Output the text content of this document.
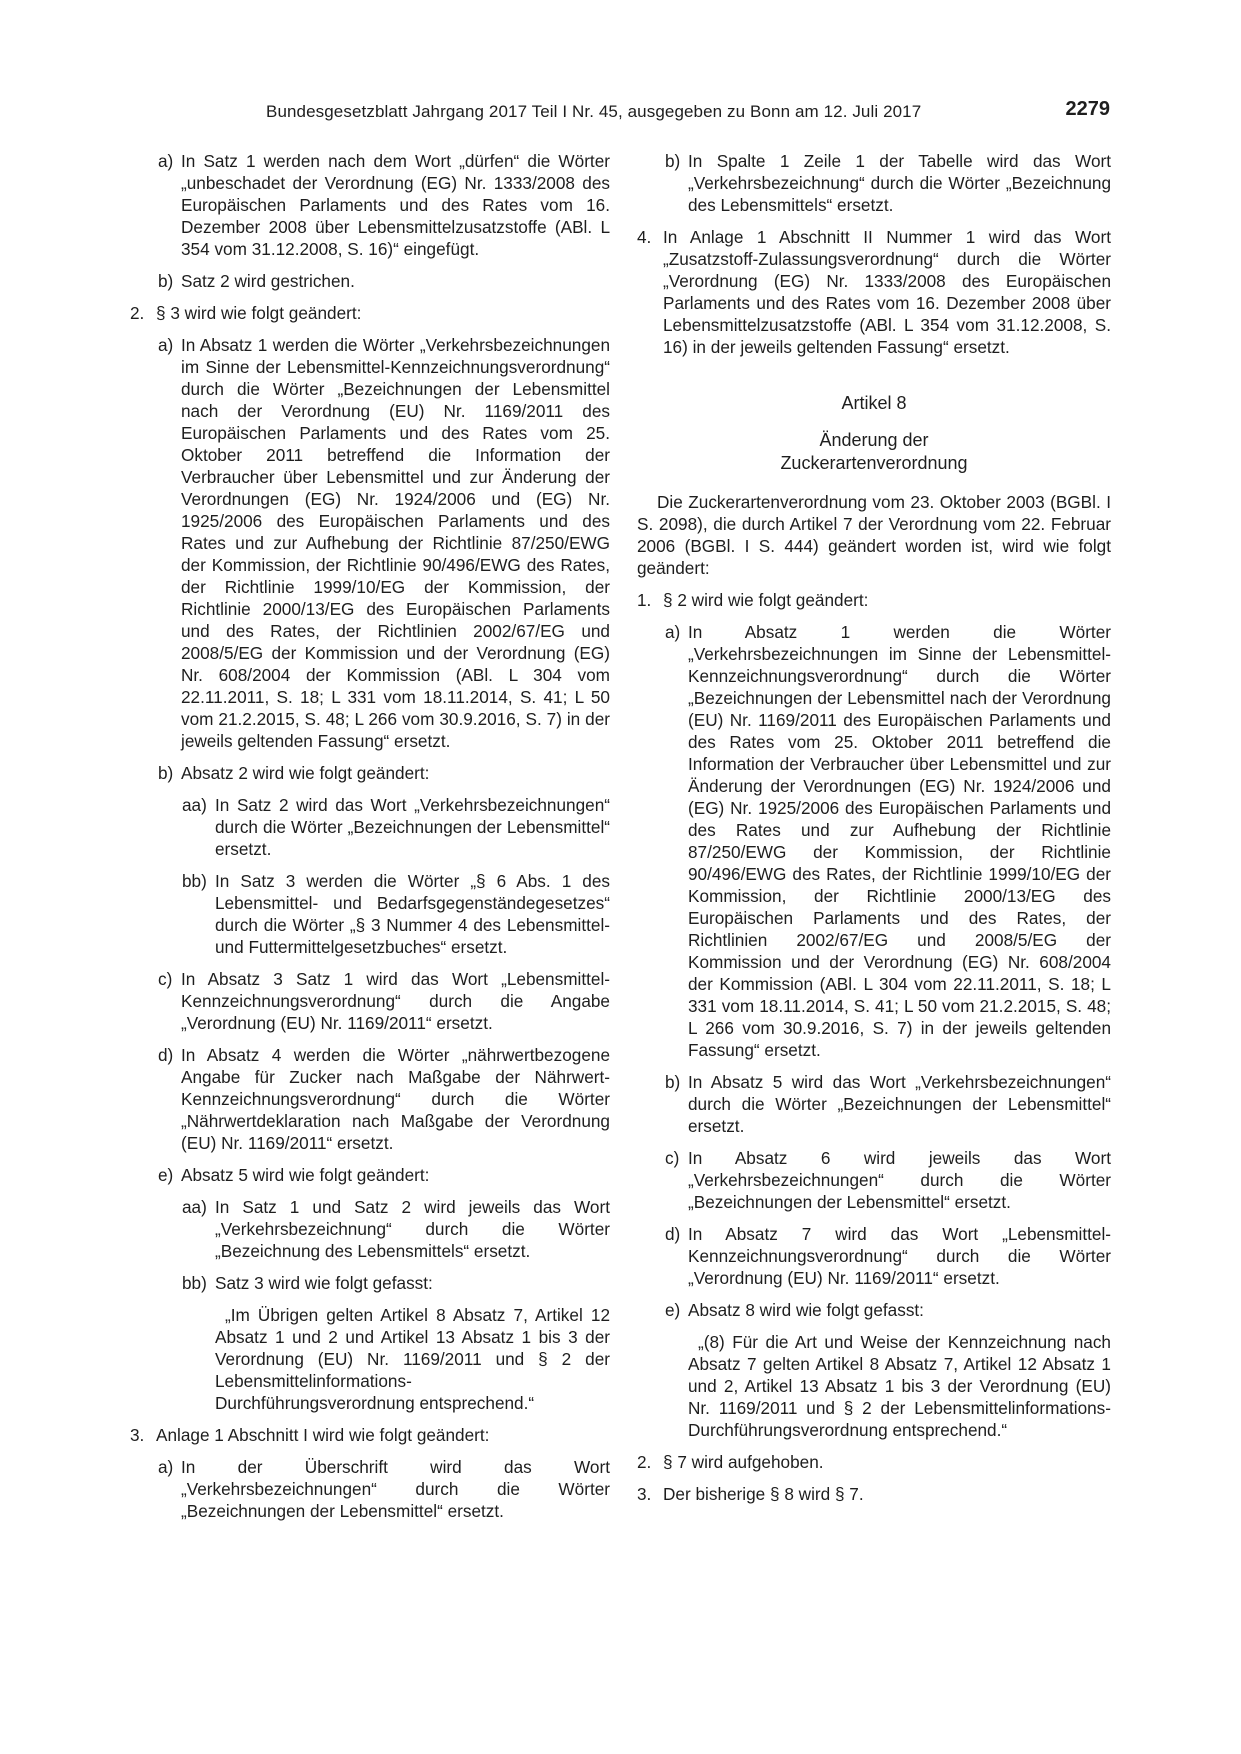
Bundesgesetzblatt Jahrgang 2017 Teil I Nr. 45, ausgegeben zu Bonn am 12. Juli 2017	2279
a) In Satz 1 werden nach dem Wort „dürfen“ die Wörter „unbeschadet der Verordnung (EG) Nr. 1333/2008 des Europäischen Parlaments und des Rates vom 16. Dezember 2008 über Lebensmittelzusatzstoffe (ABl. L 354 vom 31.12.2008, S. 16)“ eingefügt.
b) Satz 2 wird gestrichen.
2. § 3 wird wie folgt geändert:
a) In Absatz 1 werden die Wörter „Verkehrsbezeichnungen im Sinne der Lebensmittel-Kennzeichnungsverordnung“ durch die Wörter „Bezeichnungen der Lebensmittel nach der Verordnung (EU) Nr. 1169/2011 des Europäischen Parlaments und des Rates vom 25. Oktober 2011 betreffend die Information der Verbraucher über Lebensmittel und zur Änderung der Verordnungen (EG) Nr. 1924/2006 und (EG) Nr. 1925/2006 des Europäischen Parlaments und des Rates und zur Aufhebung der Richtlinie 87/250/EWG der Kommission, der Richtlinie 90/496/EWG des Rates, der Richtlinie 1999/10/EG der Kommission, der Richtlinie 2000/13/EG des Europäischen Parlaments und des Rates, der Richtlinien 2002/67/EG und 2008/5/EG der Kommission und der Verordnung (EG) Nr. 608/2004 der Kommission (ABl. L 304 vom 22.11.2011, S. 18; L 331 vom 18.11.2014, S. 41; L 50 vom 21.2.2015, S. 48; L 266 vom 30.9.2016, S. 7) in der jeweils geltenden Fassung“ ersetzt.
b) Absatz 2 wird wie folgt geändert:
aa) In Satz 2 wird das Wort „Verkehrsbezeichnungen“ durch die Wörter „Bezeichnungen der Lebensmittel“ ersetzt.
bb) In Satz 3 werden die Wörter „§ 6 Abs. 1 des Lebensmittel- und Bedarfsgegenständegesetzes“ durch die Wörter „§ 3 Nummer 4 des Lebensmittel- und Futtermittelgesetzbuches“ ersetzt.
c) In Absatz 3 Satz 1 wird das Wort „Lebensmittel-Kennzeichnungsverordnung“ durch die Angabe „Verordnung (EU) Nr. 1169/2011“ ersetzt.
d) In Absatz 4 werden die Wörter „nährwertbezogene Angabe für Zucker nach Maßgabe der Nährwert-Kennzeichnungsverordnung“ durch die Wörter „Nährwertdeklaration nach Maßgabe der Verordnung (EU) Nr. 1169/2011“ ersetzt.
e) Absatz 5 wird wie folgt geändert:
aa) In Satz 1 und Satz 2 wird jeweils das Wort „Verkehrsbezeichnung“ durch die Wörter „Bezeichnung des Lebensmittels“ ersetzt.
bb) Satz 3 wird wie folgt gefasst:
„Im Übrigen gelten Artikel 8 Absatz 7, Artikel 12 Absatz 1 und 2 und Artikel 13 Absatz 1 bis 3 der Verordnung (EU) Nr. 1169/2011 und § 2 der Lebensmittelinformations-Durchführungsverordnung entsprechend.“
3. Anlage 1 Abschnitt I wird wie folgt geändert:
a) In der Überschrift wird das Wort „Verkehrsbezeichnungen“ durch die Wörter „Bezeichnungen der Lebensmittel“ ersetzt.
b) In Spalte 1 Zeile 1 der Tabelle wird das Wort „Verkehrsbezeichnung“ durch die Wörter „Bezeichnung des Lebensmittels“ ersetzt.
4. In Anlage 1 Abschnitt II Nummer 1 wird das Wort „Zusatzstoff-Zulassungsverordnung“ durch die Wörter „Verordnung (EG) Nr. 1333/2008 des Europäischen Parlaments und des Rates vom 16. Dezember 2008 über Lebensmittelzusatzstoffe (ABl. L 354 vom 31.12.2008, S. 16) in der jeweils geltenden Fassung“ ersetzt.
Artikel 8
Änderung der
Zuckerartenverordnung
Die Zuckerartenverordnung vom 23. Oktober 2003 (BGBl. I S. 2098), die durch Artikel 7 der Verordnung vom 22. Februar 2006 (BGBl. I S. 444) geändert worden ist, wird wie folgt geändert:
1. § 2 wird wie folgt geändert:
a) In Absatz 1 werden die Wörter „Verkehrsbezeichnungen im Sinne der Lebensmittel-Kennzeichnungsverordnung“ durch die Wörter „Bezeichnungen der Lebensmittel nach der Verordnung (EU) Nr. 1169/2011 des Europäischen Parlaments und des Rates vom 25. Oktober 2011 betreffend die Information der Verbraucher über Lebensmittel und zur Änderung der Verordnungen (EG) Nr. 1924/2006 und (EG) Nr. 1925/2006 des Europäischen Parlaments und des Rates und zur Aufhebung der Richtlinie 87/250/EWG der Kommission, der Richtlinie 90/496/EWG des Rates, der Richtlinie 1999/10/EG der Kommission, der Richtlinie 2000/13/EG des Europäischen Parlaments und des Rates, der Richtlinien 2002/67/EG und 2008/5/EG der Kommission und der Verordnung (EG) Nr. 608/2004 der Kommission (ABl. L 304 vom 22.11.2011, S. 18; L 331 vom 18.11.2014, S. 41; L 50 vom 21.2.2015, S. 48; L 266 vom 30.9.2016, S. 7) in der jeweils geltenden Fassung“ ersetzt.
b) In Absatz 5 wird das Wort „Verkehrsbezeichnungen“ durch die Wörter „Bezeichnungen der Lebensmittel“ ersetzt.
c) In Absatz 6 wird jeweils das Wort „Verkehrsbezeichnungen“ durch die Wörter „Bezeichnungen der Lebensmittel“ ersetzt.
d) In Absatz 7 wird das Wort „Lebensmittel-Kennzeichnungsverordnung“ durch die Wörter „Verordnung (EU) Nr. 1169/2011“ ersetzt.
e) Absatz 8 wird wie folgt gefasst:
„(8) Für die Art und Weise der Kennzeichnung nach Absatz 7 gelten Artikel 8 Absatz 7, Artikel 12 Absatz 1 und 2, Artikel 13 Absatz 1 bis 3 der Verordnung (EU) Nr. 1169/2011 und § 2 der Lebensmittelinformations-Durchführungsverordnung entsprechend.“
2. § 7 wird aufgehoben.
3. Der bisherige § 8 wird § 7.
